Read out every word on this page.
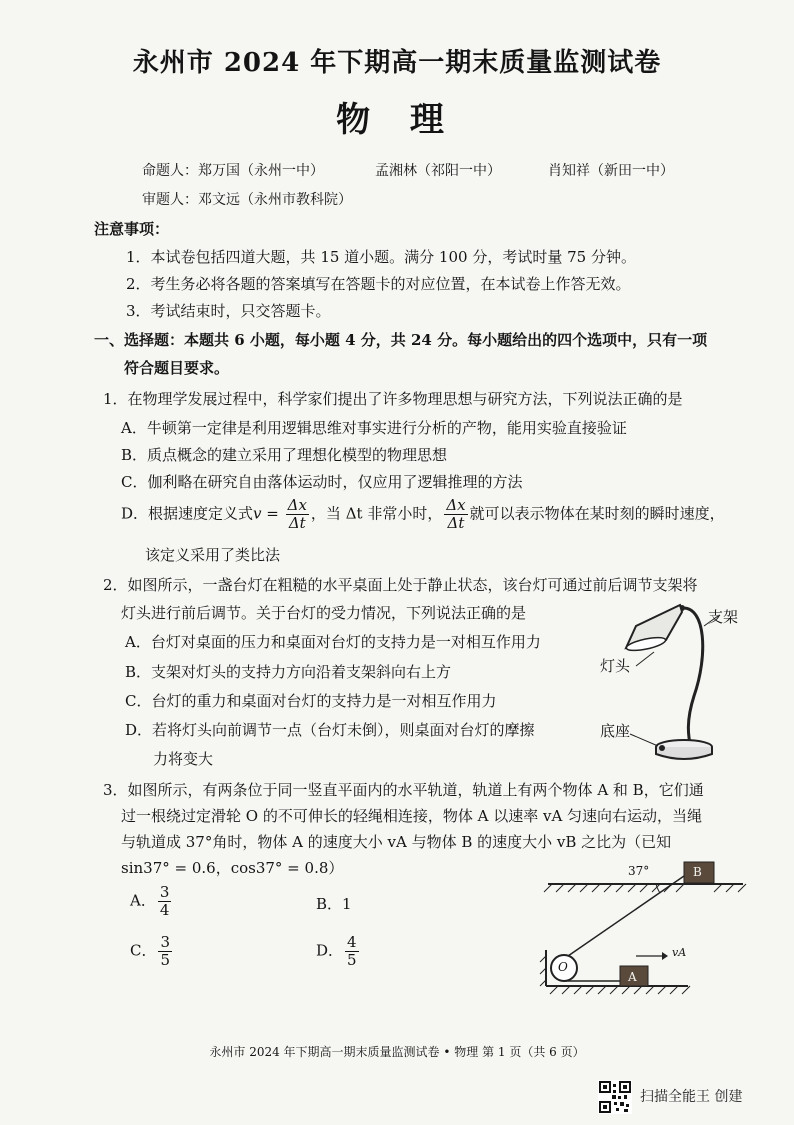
永州市 2024 年下期高一期末质量监测试卷
物 理
命题人：郑万国（永州一中）	孟湘林（祁阳一中）	肖知祥（新田一中）
审题人：邓文远（永州市教科院）
注意事项：
1．本试卷包括四道大题，共 15 道小题。满分 100 分，考试时量 75 分钟。
2．考生务必将各题的答案填写在答题卡的对应位置，在本试卷上作答无效。
3．考试结束时，只交答题卡。
一、选择题：本题共 6 小题，每小题 4 分，共 24 分。每小题给出的四个选项中，只有一项
符合题目要求。
1．在物理学发展过程中，科学家们提出了许多物理思想与研究方法，下列说法正确的是
A．牛顿第一定律是利用逻辑思维对事实进行分析的产物，能用实验直接验证
B．质点概念的建立采用了理想化模型的物理思想
C．伽利略在研究自由落体运动时，仅应用了逻辑推理的方法
D．根据速度定义式$v = \frac{\Delta x}{\Delta t}$ ，当 Δt 非常小时， $\frac{\Delta x}{\Delta t}$ 就可以表示物体在某时刻的瞬时速度，
该定义采用了类比法
2．如图所示，一盏台灯在粗糙的水平桌面上处于静止状态，该台灯可通过前后调节支架将
灯头进行前后调节。关于台灯的受力情况，下列说法正确的是
A．台灯对桌面的压力和桌面对台灯的支持力是一对相互作用力
B．支架对灯头的支持力方向沿着支架斜向右上方
C．台灯的重力和桌面对台灯的支持力是一对相互作用力
D．若将灯头向前调节一点（台灯未倒），则桌面对台灯的摩擦
力将变大
支架
灯头
底座
3．如图所示，有两条位于同一竖直平面内的水平轨道，轨道上有两个物体 A 和 B，它们通
过一根绕过定滑轮 O 的不可伸长的轻绳相连接，物体 A 以速率 vA 匀速向右运动，当绳
与轨道成 37°角时，物体 A 的速度大小 vA 与物体 B 的速度大小 vB 之比为（已知
sin37° = 0.6，cos37° = 0.8）
A． $\frac{3}{4}$	B．1
C． $\frac{3}{5}$	D． $\frac{4}{5}$
37°	B
A
O
vA
永州市 2024 年下期高一期末质量监测试卷 • 物理 第 1 页（共 6 页）
扫描全能王 创建
